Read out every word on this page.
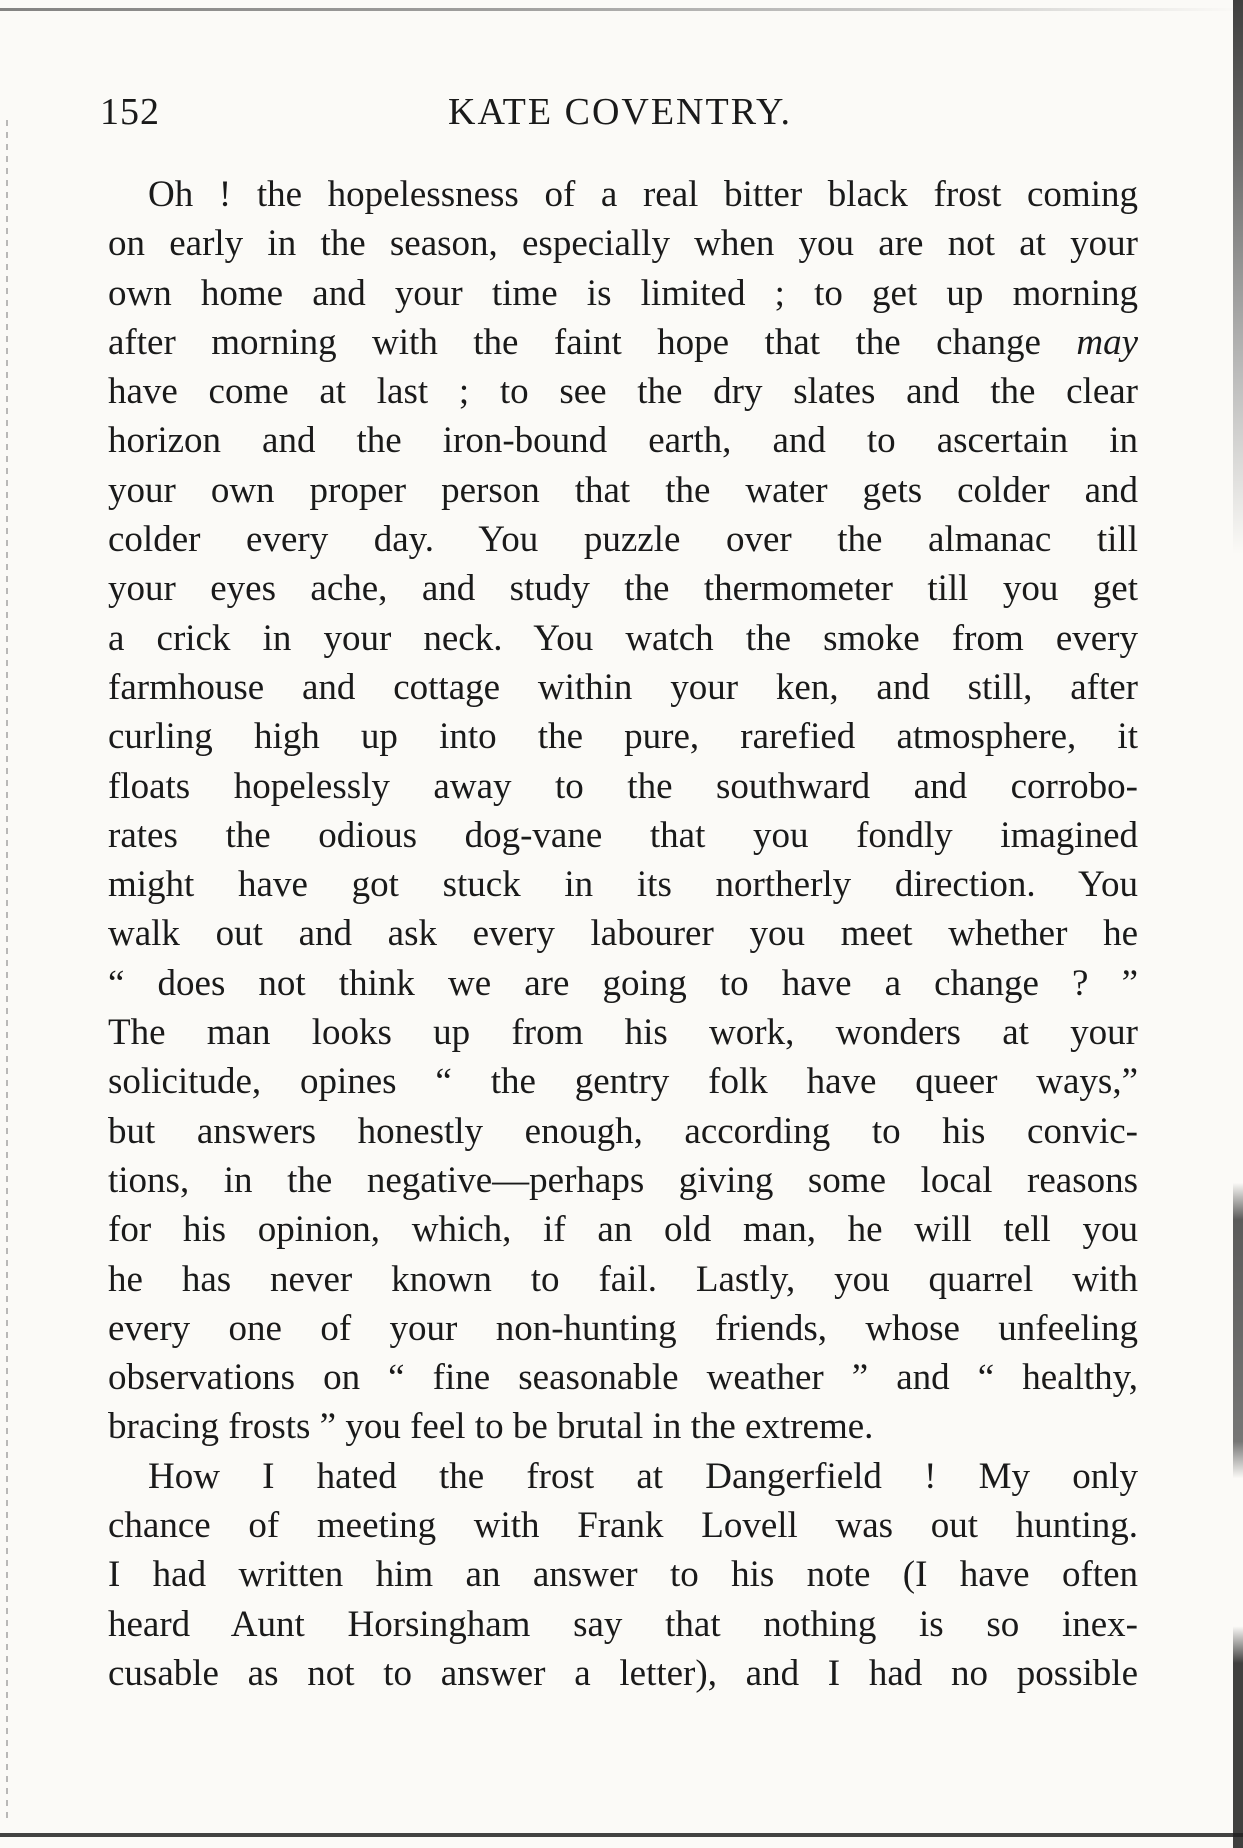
152	KATE COVENTRY.
Oh ! the hopelessness of a real bitter black frost coming
on early in the season, especially when you are not at your
own home and your time is limited ; to get up morning
after morning with the faint hope that the change may
have come at last ; to see the dry slates and the clear
horizon and the iron-bound earth, and to ascertain in
your own proper person that the water gets colder and
colder every day. You puzzle over the almanac till
your eyes ache, and study the thermometer till you get
a crick in your neck. You watch the smoke from every
farmhouse and cottage within your ken, and still, after
curling high up into the pure, rarefied atmosphere, it
floats hopelessly away to the southward and corrobo-
rates the odious dog-vane that you fondly imagined
might have got stuck in its northerly direction. You
walk out and ask every labourer you meet whether he
“ does not think we are going to have a change ? ”
The man looks up from his work, wonders at your
solicitude, opines “ the gentry folk have queer ways,”
but answers honestly enough, according to his convic-
tions, in the negative—perhaps giving some local reasons
for his opinion, which, if an old man, he will tell you
he has never known to fail. Lastly, you quarrel with
every one of your non-hunting friends, whose unfeeling
observations on “ fine seasonable weather ” and “ healthy,
bracing frosts ” you feel to be brutal in the extreme.
How I hated the frost at Dangerfield ! My only
chance of meeting with Frank Lovell was out hunting.
I had written him an answer to his note (I have often
heard Aunt Horsingham say that nothing is so inex-
cusable as not to answer a letter), and I had no possible
